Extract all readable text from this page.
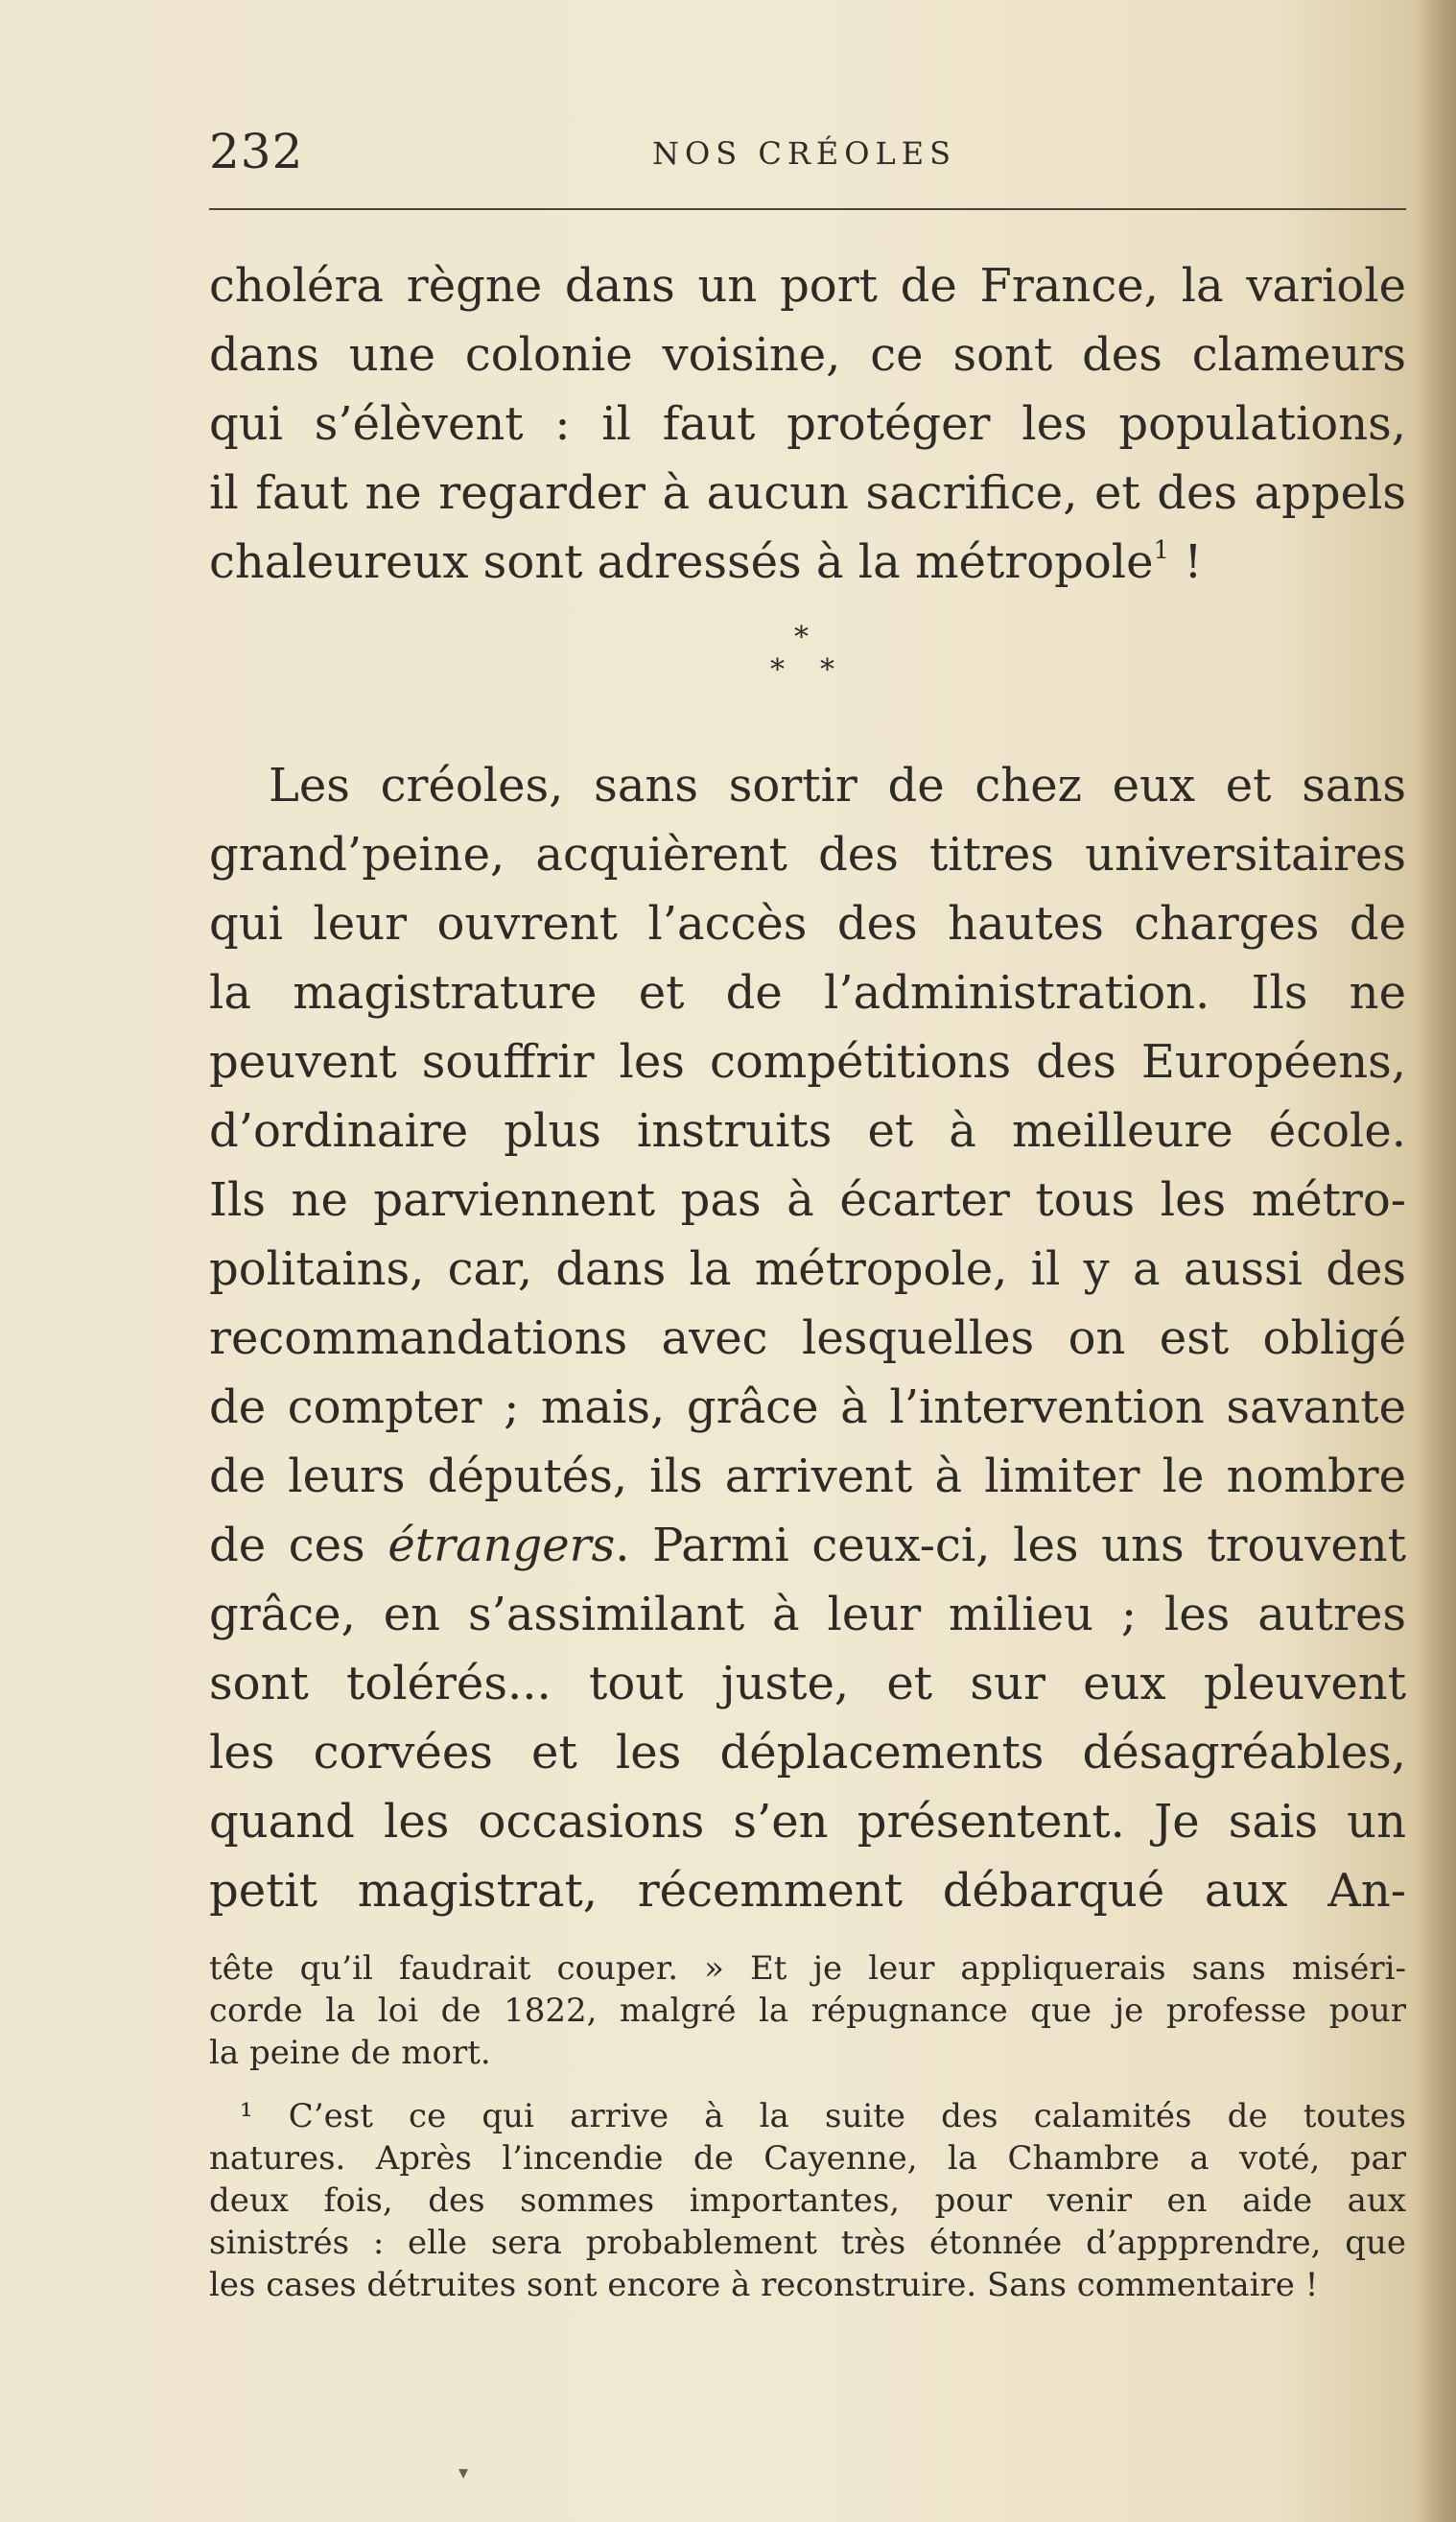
232	NOS CRÉOLES
choléra règne dans un port de France, la variole
dans une colonie voisine, ce sont des clameurs
qui s’élèvent : il faut protéger les populations,
il faut ne regarder à aucun sacrifice, et des appels
chaleureux sont adressés à la métropole$^1$ !
*
* *
Les créoles, sans sortir de chez eux et sans
grand’peine, acquièrent des titres universitaires
qui leur ouvrent l’accès des hautes charges de
la magistrature et de l’administration. Ils ne
peuvent souffrir les compétitions des Européens,
d’ordinaire plus instruits et à meilleure école.
Ils ne parviennent pas à écarter tous les métro-
politains, car, dans la métropole, il y a aussi des
recommandations avec lesquelles on est obligé
de compter ; mais, grâce à l’intervention savante
de leurs députés, ils arrivent à limiter le nombre
de ces étrangers. Parmi ceux-ci, les uns trouvent
grâce, en s’assimilant à leur milieu ; les autres
sont tolérés... tout juste, et sur eux pleuvent
les corvées et les déplacements désagréables,
quand les occasions s’en présentent. Je sais un
petit magistrat, récemment débarqué aux An-
tête qu’il faudrait couper. » Et je leur appliquerais sans miséri-
corde la loi de 1822, malgré la répugnance que je professe pour
la peine de mort.
¹ C’est ce qui arrive à la suite des calamités de toutes
natures. Après l’incendie de Cayenne, la Chambre a voté, par
deux fois, des sommes importantes, pour venir en aide aux
sinistrés : elle sera probablement très étonnée d’appprendre, que
les cases détruites sont encore à reconstruire. Sans commentaire !
▾
